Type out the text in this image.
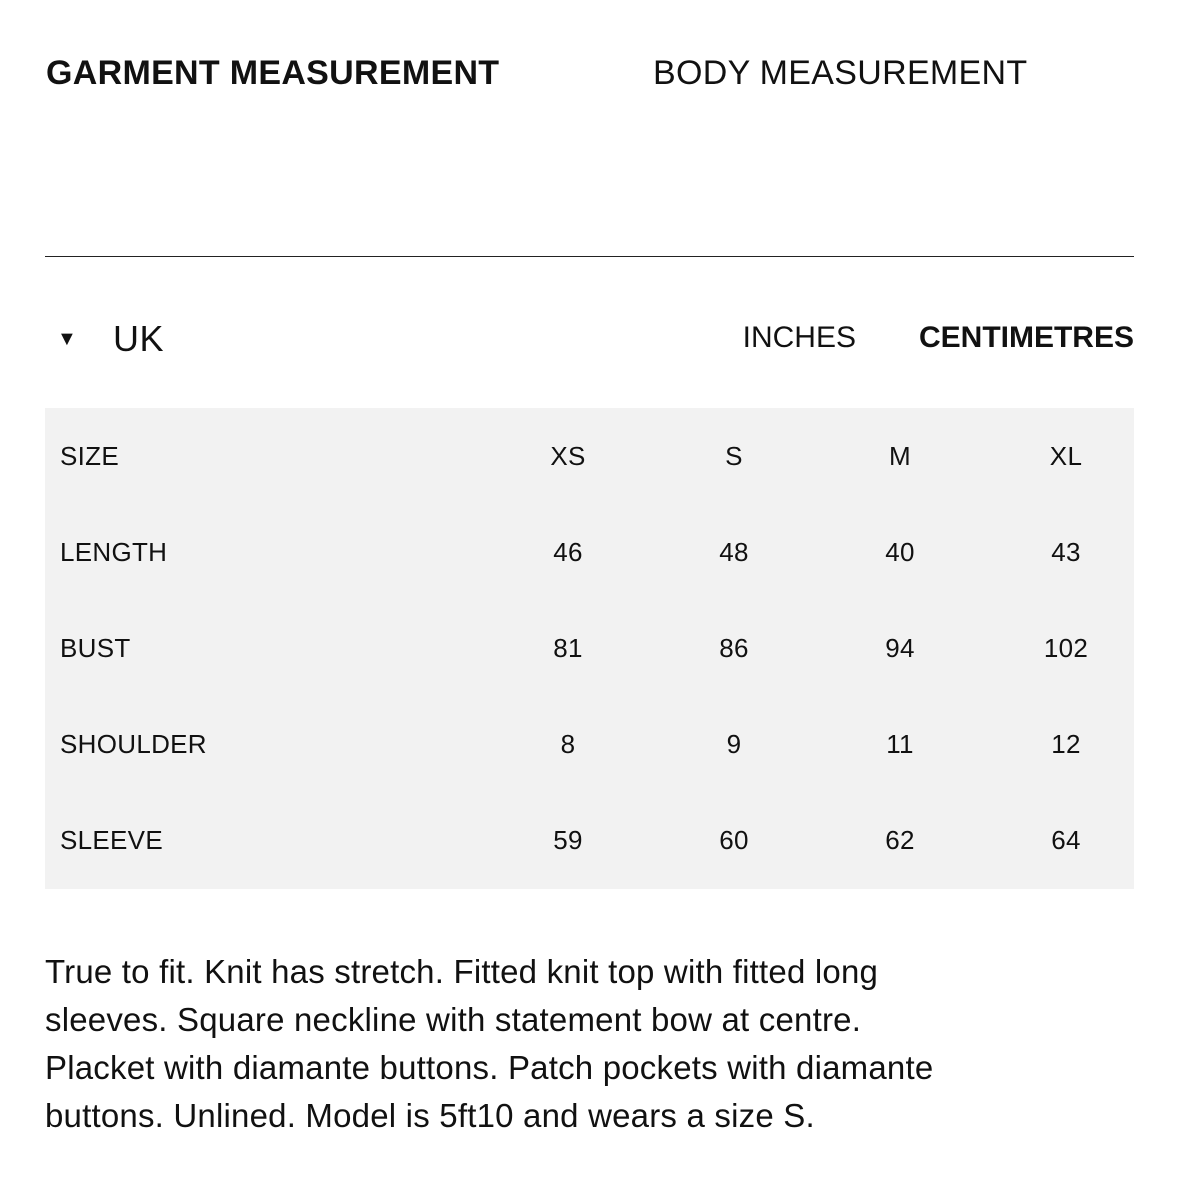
GARMENT MEASUREMENT	BODY MEASUREMENT
▼	UK	INCHES CENTIMETRES
SIZE	XS	S	M	XL
LENGTH	46	48	40	43
BUST	81	86	94	102
SHOULDER	8	9	11	12
SLEEVE	59	60	62	64
True to fit. Knit has stretch. Fitted knit top with fitted long sleeves. Square neckline with statement bow at centre. Placket with diamante buttons. Patch pockets with diamante buttons. Unlined. Model is 5ft10 and wears a size S.
